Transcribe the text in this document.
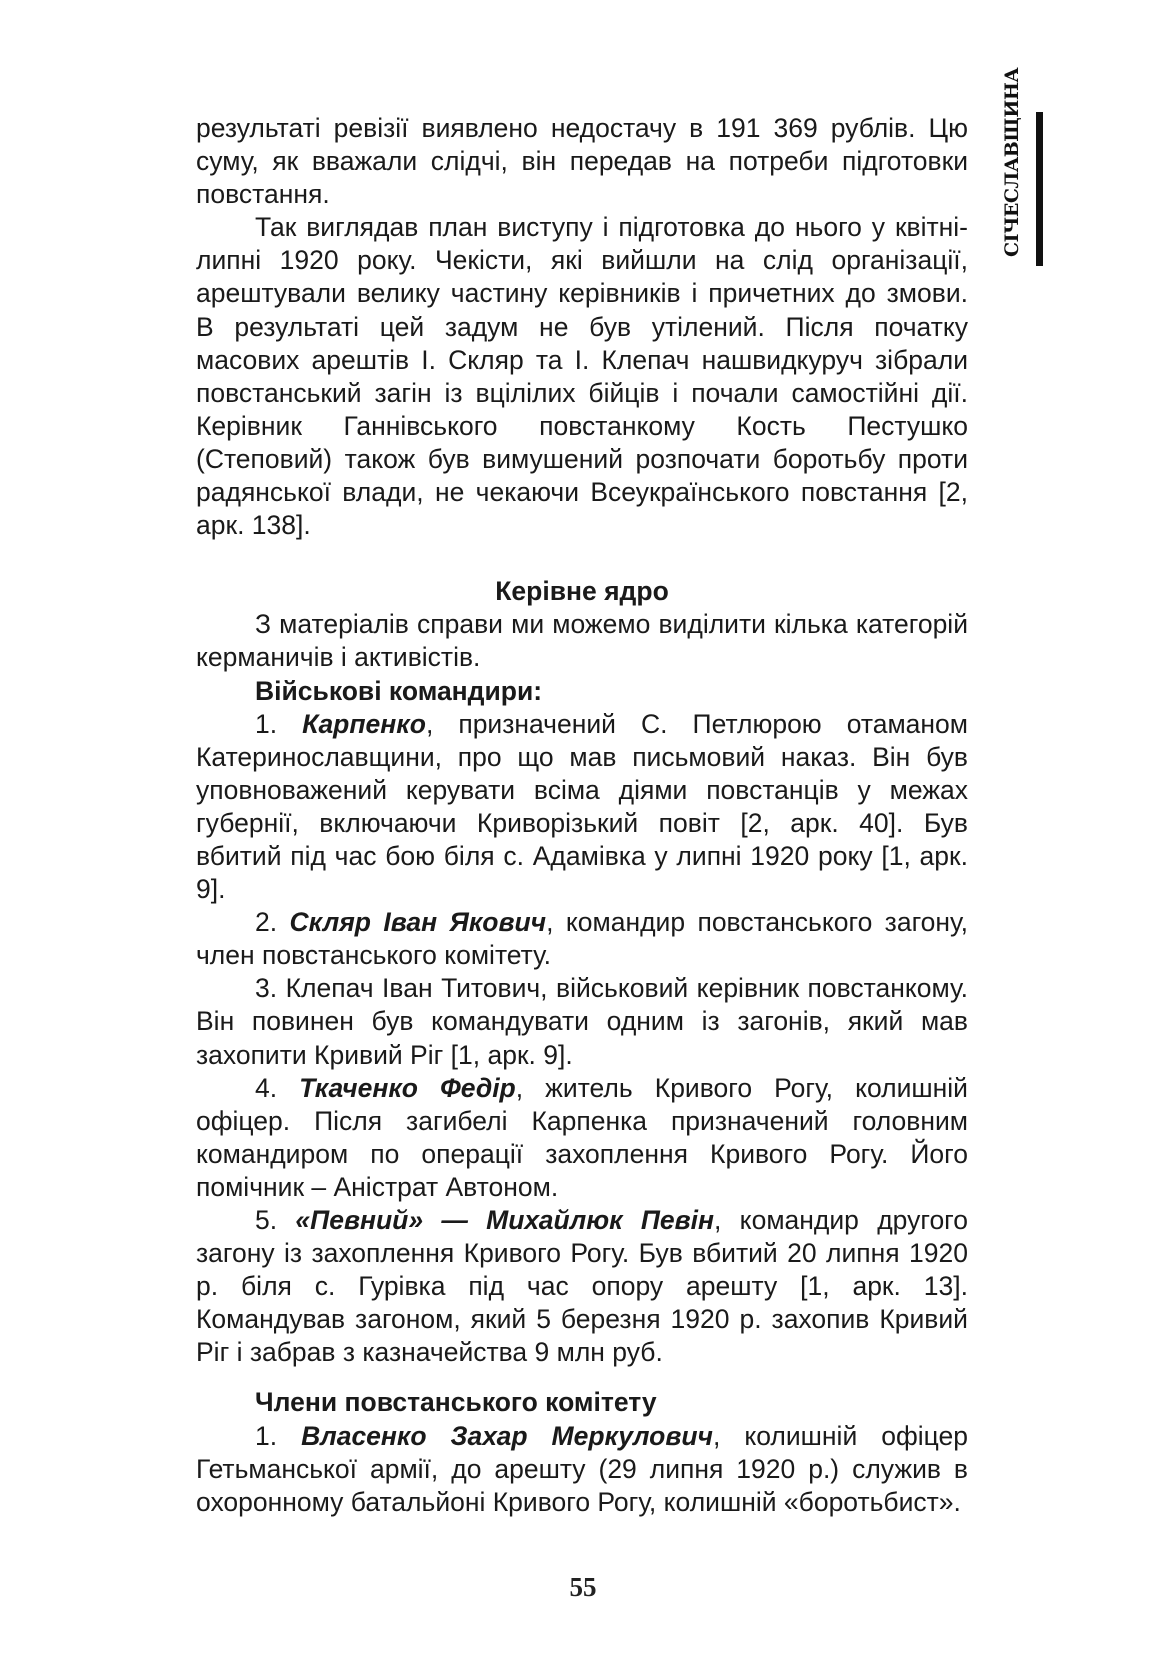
СІЧЕСЛАВЩИНА

результаті ревізії виявлено недостачу в 191 369 рублів. Цю суму, як вважали слідчі, він передав на потреби підготовки повстання.

Так виглядав план виступу і підготовка до нього у квітні-липні 1920 року. Чекісти, які вийшли на слід організації, арештували велику частину керівників і причетних до змови. В результаті цей задум не був утілений. Після початку масових арештів І. Скляр та І. Клепач нашвидкуруч зібрали повстанський загін із вцілілих бійців і почали самостійні дії. Керівник Ганнівського повстанкому Кость Пестушко (Степовий) також був вимушений розпочати боротьбу проти радянської влади, не чекаючи Всеукраїнського повстання [2, арк. 138].

Керівне ядро

З матеріалів справи ми можемо виділити кілька категорій керманичів і активістів.

Військові командири:

1. Карпенко, призначений С. Петлюрою отаманом Катеринославщини, про що мав письмовий наказ. Він був уповноважений керувати всіма діями повстанців у межах губернії, включаючи Криворізький повіт [2, арк. 40]. Був вбитий під час бою біля с. Адамівка у липні 1920 року [1, арк. 9].

2. Скляр Іван Якович, командир повстанського загону, член повстанського комітету.

3. Клепач Іван Титович, військовий керівник повстанкому. Він повинен був командувати одним із загонів, який мав захопити Кривий Ріг [1, арк. 9].

4. Ткаченко Федір, житель Кривого Рогу, колишній офіцер. Після загибелі Карпенка призначений головним командиром по операції захоплення Кривого Рогу. Його помічник – Аністрат Автоном.

5. «Певний» — Михайлюк Певін, командир другого загону із захоплення Кривого Рогу. Був вбитий 20 липня 1920 р. біля с. Гурівка під час опору арешту [1, арк. 13]. Командував загоном, який 5 березня 1920 р. захопив Кривий Ріг і забрав з казначейства 9 млн руб.

Члени повстанського комітету

1. Власенко Захар Меркулович, колишній офіцер Гетьманської армії, до арешту (29 липня 1920 р.) служив в охоронному батальйоні Кривого Рогу, колишній «боротьбист».

55
